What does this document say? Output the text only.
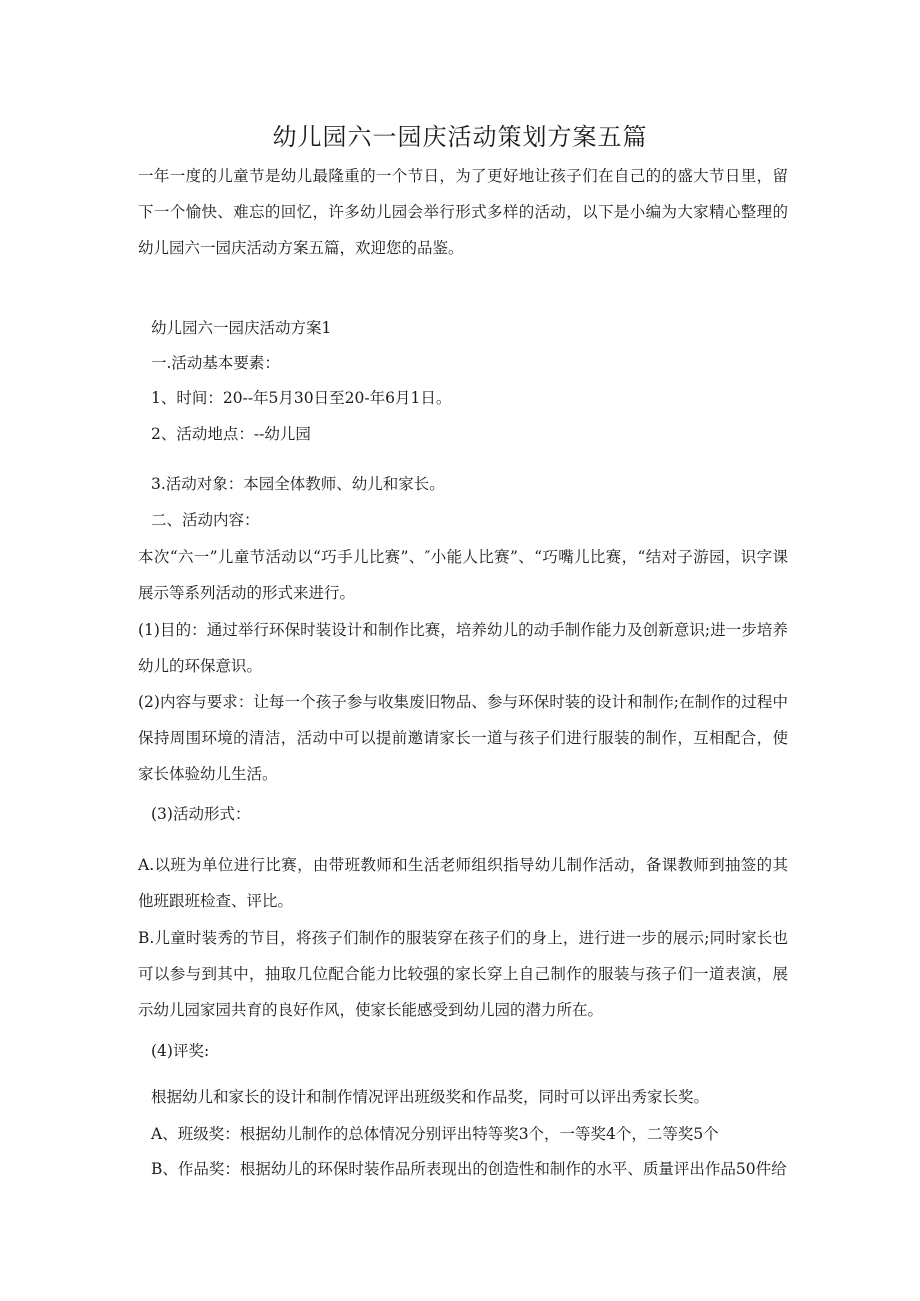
幼儿园六一园庆活动策划方案五篇

一年一度的儿童节是幼儿最隆重的一个节日，为了更好地让孩子们在自己的的盛大节日里，留下一个愉快、难忘的回忆，许多幼儿园会举行形式多样的活动，以下是小编为大家精心整理的幼儿园六一园庆活动方案五篇，欢迎您的品鉴。

幼儿园六一园庆活动方案1
一.活动基本要素：
1、时间：20--年5月30日至20-年6月1日。
2、活动地点：--幼儿园
3.活动对象：本园全体教师、幼儿和家长。
二、活动内容：

本次“六一”儿童节活动以“巧手儿比赛”、″小能人比赛”、“巧嘴儿比赛，“结对子游园，识字课展示等系列活动的形式来进行。

(1)目的：通过举行环保时装设计和制作比赛，培养幼儿的动手制作能力及创新意识;进一步培养幼儿的环保意识。

(2)内容与要求：让每一个孩子参与收集废旧物品、参与环保时装的设计和制作;在制作的过程中保持周围环境的清洁，活动中可以提前邀请家长一道与孩子们进行服装的制作，互相配合，使家长体验幼儿生活。

(3)活动形式：

A.以班为单位进行比赛，由带班教师和生活老师组织指导幼儿制作活动，备课教师到抽签的其他班跟班检查、评比。

B.儿童时装秀的节目，将孩子们制作的服装穿在孩子们的身上，进行进一步的展示;同时家长也可以参与到其中，抽取几位配合能力比较强的家长穿上自己制作的服装与孩子们一道表演，展示幼儿园家园共育的良好作风，使家长能感受到幼儿园的潜力所在。

(4)评奖:
根据幼儿和家长的设计和制作情况评出班级奖和作品奖，同时可以评出秀家长奖。
A、班级奖：根据幼儿制作的总体情况分别评出特等奖3个，一等奖4个，二等奖5个
B、作品奖：根据幼儿的环保时装作品所表现出的创造性和制作的水平、质量评出作品50件给
